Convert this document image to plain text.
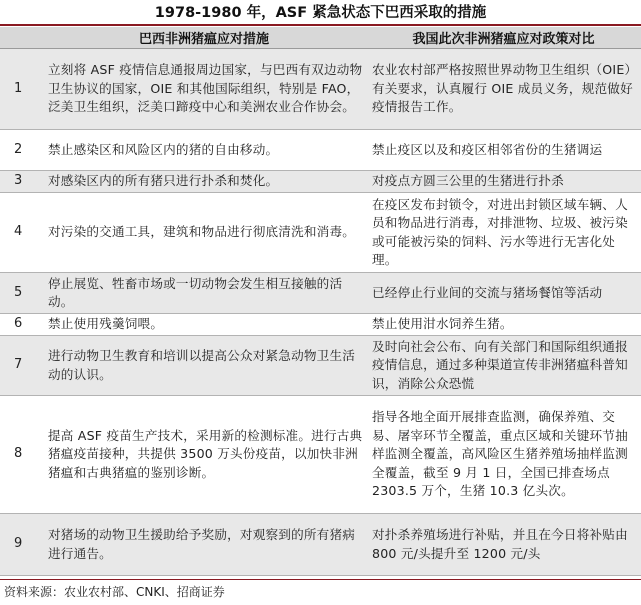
1978-1980 年，ASF 紧急状态下巴西采取的措施
	巴西非洲猪瘟应对措施	我国此次非洲猪瘟应对政策对比
1	立刻将 ASF 疫情信息通报周边国家，与巴西有双边动物卫生协议的国家，OIE 和其他国际组织，特别是 FAO，泛美卫生组织，泛美口蹄疫中心和美洲农业合作协会。	农业农村部严格按照世界动物卫生组织（OIE）有关要求，认真履行 OIE 成员义务，规范做好疫情报告工作。
2	禁止感染区和风险区内的猪的自由移动。	禁止疫区以及和疫区相邻省份的生猪调运
3	对感染区内的所有猪只进行扑杀和焚化。	对疫点方圆三公里的生猪进行扑杀
4	对污染的交通工具，建筑和物品进行彻底清洗和消毒。	在疫区发布封锁令，对进出封锁区域车辆、人员和物品进行消毒，对排泄物、垃圾、被污染或可能被污染的饲料、污水等进行无害化处理。
5	停止展览、牲畜市场或一切动物会发生相互接触的活动。	已经停止行业间的交流与猪场餐馆等活动
6	禁止使用残羹饲喂。	禁止使用泔水饲养生猪。
7	进行动物卫生教育和培训以提高公众对紧急动物卫生活动的认识。	及时向社会公布、向有关部门和国际组织通报疫情信息，通过多种渠道宣传非洲猪瘟科普知识，消除公众恐慌
8	提高 ASF 疫苗生产技术，采用新的检测标准。进行古典猪瘟疫苗接种，共提供 3500 万头份疫苗，以加快非洲猪瘟和古典猪瘟的鉴别诊断。	指导各地全面开展排查监测，确保养殖、交易、屠宰环节全覆盖，重点区域和关键环节抽样监测全覆盖，高风险区生猪养殖场抽样监测全覆盖，截至 9 月 1 日，全国已排查场点 2303.5 万个，生猪 10.3 亿头次。
9	对猪场的动物卫生援助给予奖励，对观察到的所有猪病进行通告。	对扑杀养殖场进行补贴，并且在今日将补贴由 800 元/头提升至 1200 元/头
资料来源：农业农村部、CNKI、招商证券
